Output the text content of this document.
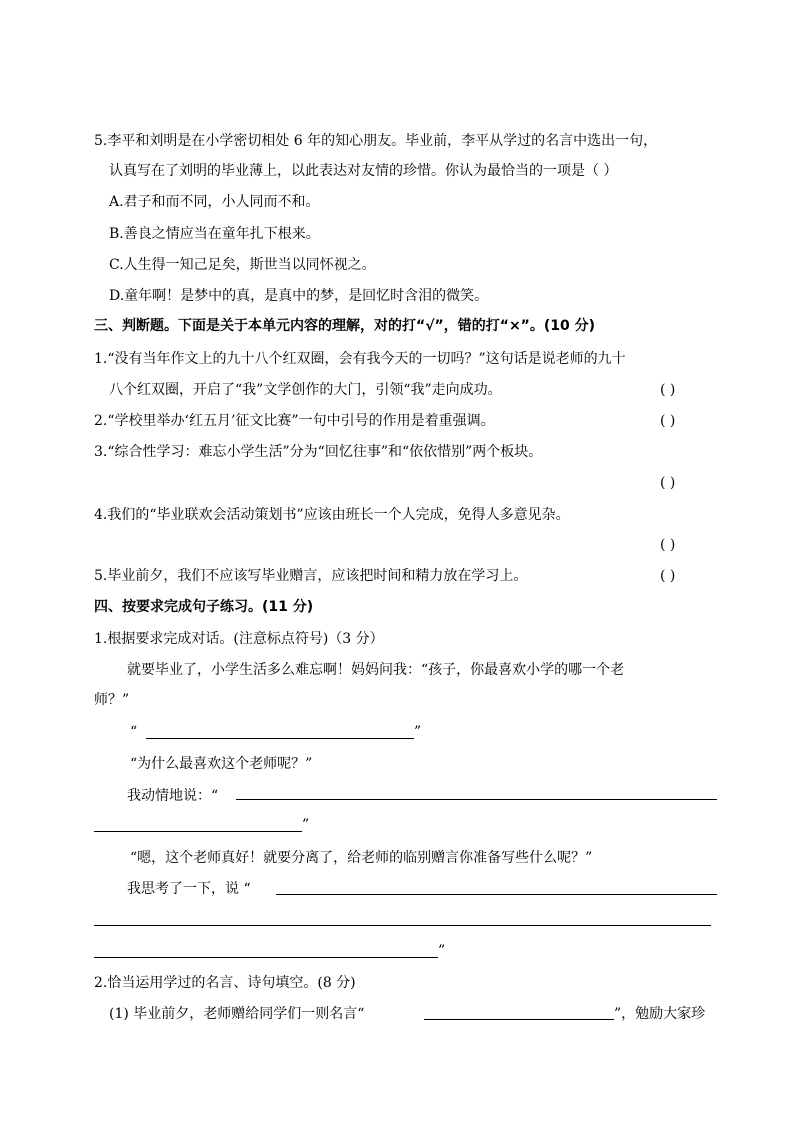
5.李平和刘明是在小学密切相处 6 年的知心朋友。毕业前，李平从学过的名言中选出一句，
认真写在了刘明的毕业薄上，以此表达对友情的珍惜。你认为最恰当的一项是（ ）
A.君子和而不同，小人同而不和。
B.善良之情应当在童年扎下根来。
C.人生得一知己足矣，斯世当以同怀视之。
D.童年啊！是梦中的真，是真中的梦，是回忆时含泪的微笑。
三、判断题。下面是关于本单元内容的理解，对的打“√”，错的打“×”。(10 分)
1.“没有当年作文上的九十八个红双圈，会有我今天的一切吗？”这句话是说老师的九十
八个红双圈，开启了“我”文学创作的大门，引领“我”走向成功。	( )
2.“学校里举办‘红五月’征文比赛”一句中引号的作用是着重强调。	( )
3.“综合性学习：难忘小学生活”分为“回忆往事”和“依依惜别”两个板块。
( )
4.我们的“毕业联欢会活动策划书”应该由班长一个人完成，免得人多意见杂。
( )
5.毕业前夕，我们不应该写毕业赠言，应该把时间和精力放在学习上。	( )
四、按要求完成句子练习。(11 分)
1.根据要求完成对话。(注意标点符号)（3 分）
就要毕业了，小学生活多么难忘啊！妈妈问我：“孩子，你最喜欢小学的哪一个老
师？”
“	”
“为什么最喜欢这个老师呢？”
我动情地说：“
”
“嗯，这个老师真好！就要分离了，给老师的临别赠言你准备写些什么呢？”
我思考了一下，说 “
”
2.恰当运用学过的名言、诗句填空。(8 分)
(1) 毕业前夕，老师赠给同学们一则名言“	”，勉励大家珍
